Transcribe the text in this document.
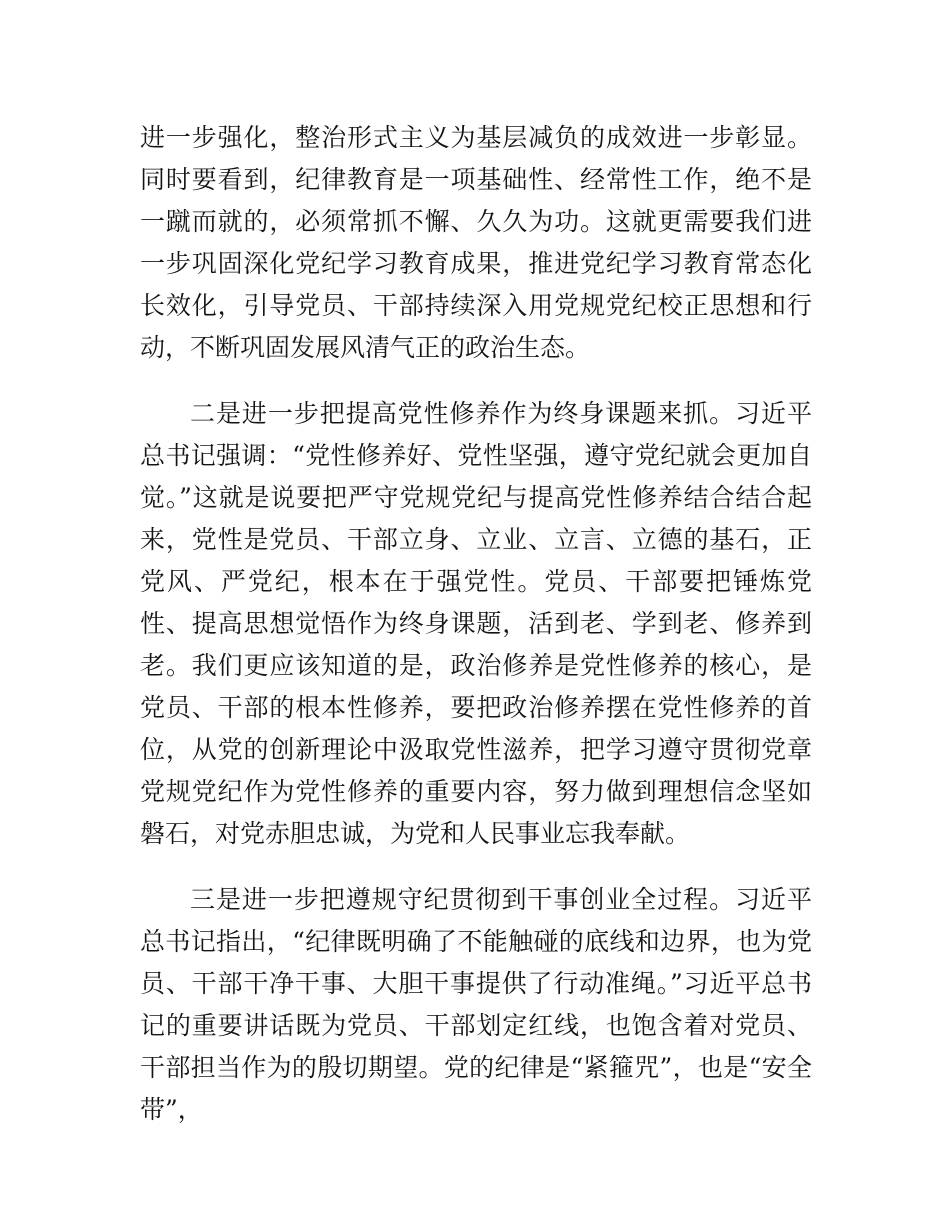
进一步强化，整治形式主义为基层减负的成效进一步彰显。同时要看到，纪律教育是一项基础性、经常性工作，绝不是一蹴而就的，必须常抓不懈、久久为功。这就更需要我们进一步巩固深化党纪学习教育成果，推进党纪学习教育常态化长效化，引导党员、干部持续深入用党规党纪校正思想和行动，不断巩固发展风清气正的政治生态。

二是进一步把提高党性修养作为终身课题来抓。习近平总书记强调：“党性修养好、党性坚强，遵守党纪就会更加自觉。”这就是说要把严守党规党纪与提高党性修养结合结合起来，党性是党员、干部立身、立业、立言、立德的基石，正党风、严党纪，根本在于强党性。党员、干部要把锤炼党性、提高思想觉悟作为终身课题，活到老、学到老、修养到老。我们更应该知道的是，政治修养是党性修养的核心，是党员、干部的根本性修养，要把政治修养摆在党性修养的首位，从党的创新理论中汲取党性滋养，把学习遵守贯彻党章党规党纪作为党性修养的重要内容，努力做到理想信念坚如磐石，对党赤胆忠诚，为党和人民事业忘我奉献。

三是进一步把遵规守纪贯彻到干事创业全过程。习近平总书记指出，“纪律既明确了不能触碰的底线和边界，也为党员、干部干净干事、大胆干事提供了行动准绳。”习近平总书记的重要讲话既为党员、干部划定红线，也饱含着对党员、干部担当作为的殷切期望。党的纪律是“紧箍咒”，也是“安全带”，
